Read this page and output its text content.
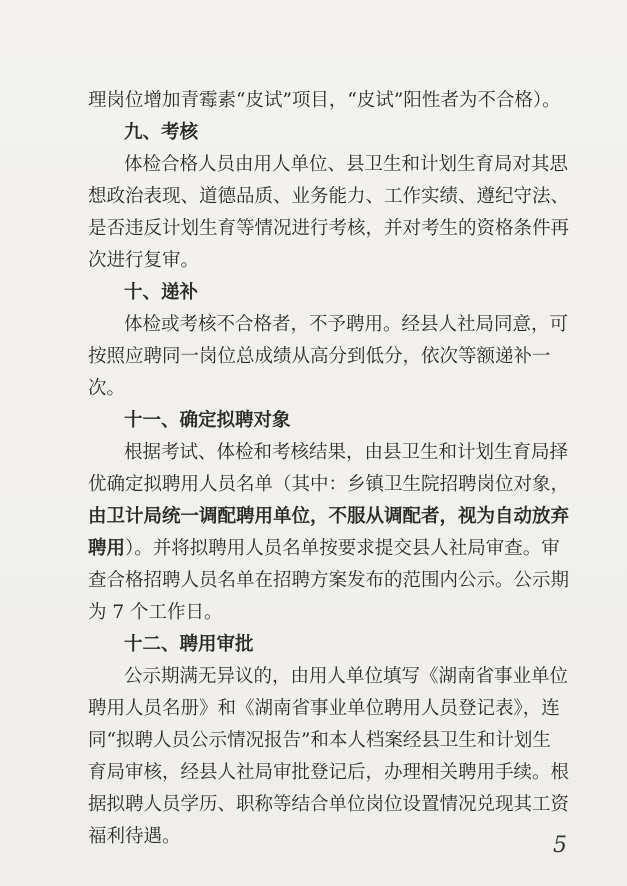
理岗位增加青霉素“皮试”项目，“皮试”阳性者为不合格）。
九、考核
体检合格人员由用人单位、县卫生和计划生育局对其思
想政治表现、道德品质、业务能力、工作实绩、遵纪守法、
是否违反计划生育等情况进行考核，并对考生的资格条件再
次进行复审。
十、递补
体检或考核不合格者，不予聘用。经县人社局同意，可
按照应聘同一岗位总成绩从高分到低分，依次等额递补一
次。
十一、确定拟聘对象
根据考试、体检和考核结果，由县卫生和计划生育局择
优确定拟聘用人员名单（其中：乡镇卫生院招聘岗位对象，
由卫计局统一调配聘用单位，不服从调配者，视为自动放弃
聘用）。并将拟聘用人员名单按要求提交县人社局审查。审
查合格招聘人员名单在招聘方案发布的范围内公示。公示期
为 7 个工作日。
十二、聘用审批
公示期满无异议的，由用人单位填写《湖南省事业单位
聘用人员名册》和《湖南省事业单位聘用人员登记表》，连
同“拟聘人员公示情况报告”和本人档案经县卫生和计划生
育局审核，经县人社局审批登记后，办理相关聘用手续。根
据拟聘人员学历、职称等结合单位岗位设置情况兑现其工资
福利待遇。	5
